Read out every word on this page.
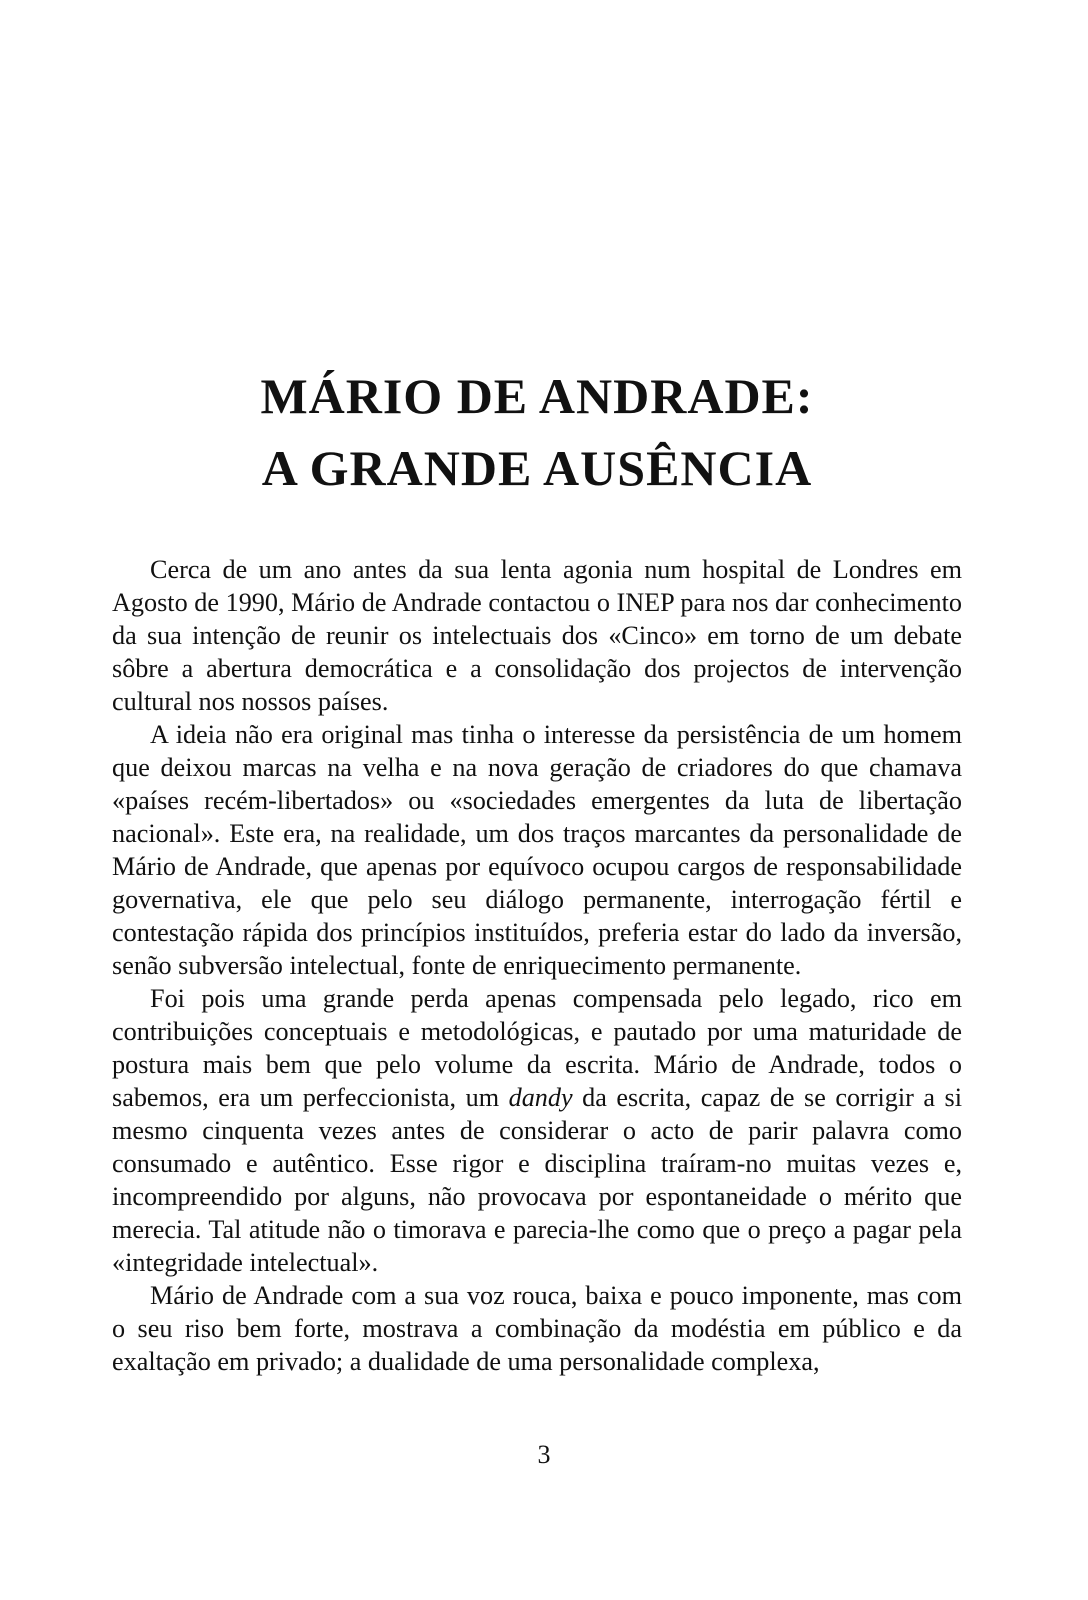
MÁRIO DE ANDRADE:
A GRANDE AUSÊNCIA

Cerca de um ano antes da sua lenta agonia num hospital de Londres em Agosto de 1990, Mário de Andrade contactou o INEP para nos dar conhecimento da sua intenção de reunir os intelectuais dos «Cinco» em torno de um debate sôbre a abertura democrática e a consolidação dos projectos de intervenção cultural nos nossos países.

A ideia não era original mas tinha o interesse da persistência de um homem que deixou marcas na velha e na nova geração de criadores do que chamava «países recém-libertados» ou «sociedades emergentes da luta de libertação nacional». Este era, na realidade, um dos traços marcantes da personalidade de Mário de Andrade, que apenas por equívoco ocupou cargos de responsabilidade governativa, ele que pelo seu diálogo permanente, interrogação fértil e contestação rápida dos princípios instituídos, preferia estar do lado da inversão, senão subversão intelectual, fonte de enriquecimento permanente.

Foi pois uma grande perda apenas compensada pelo legado, rico em contribuições conceptuais e metodológicas, e pautado por uma maturidade de postura mais bem que pelo volume da escrita. Mário de Andrade, todos o sabemos, era um perfeccionista, um dandy da escrita, capaz de se corrigir a si mesmo cinquenta vezes antes de considerar o acto de parir palavra como consumado e autêntico. Esse rigor e disciplina traíram-no muitas vezes e, incompreendido por alguns, não provocava por espontaneidade o mérito que merecia. Tal atitude não o timorava e parecia-lhe como que o preço a pagar pela «integridade intelectual».

Mário de Andrade com a sua voz rouca, baixa e pouco imponente, mas com o seu riso bem forte, mostrava a combinação da modéstia em público e da exaltação em privado; a dualidade de uma personalidade complexa,

3
